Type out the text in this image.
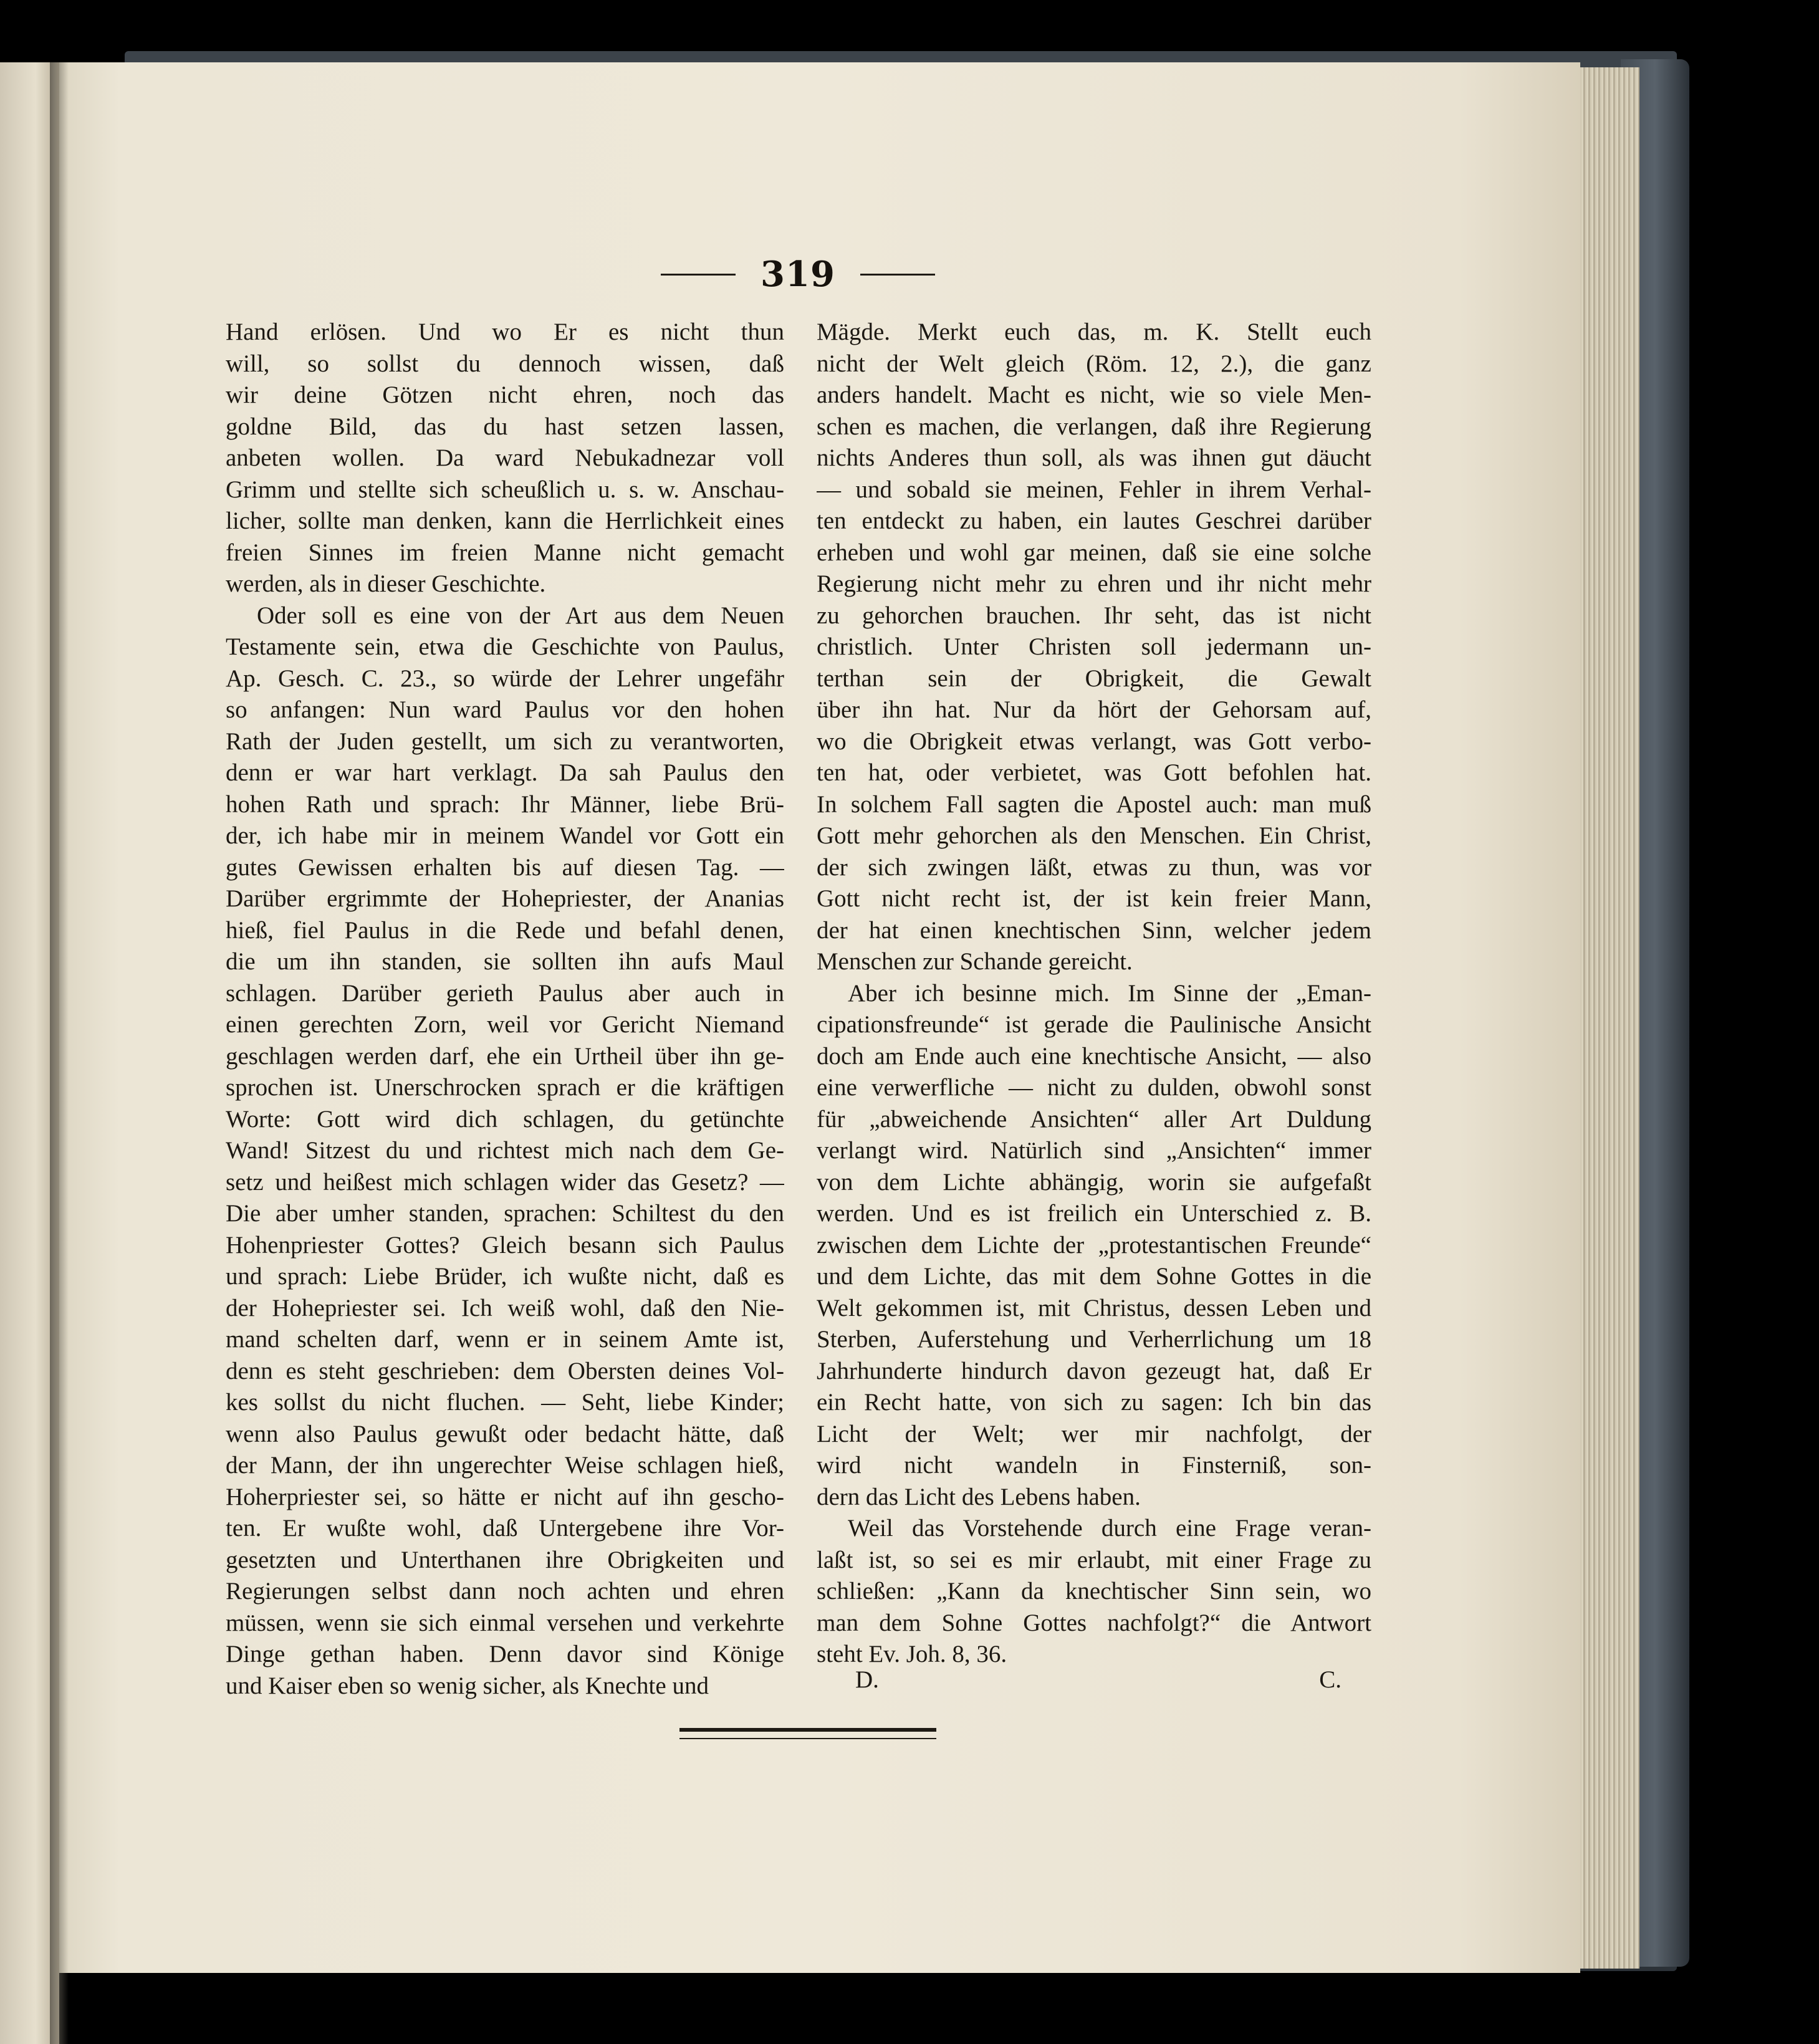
319
Hand erlösen. Und wo Er es nicht thun
will, so sollst du dennoch wissen, daß
wir deine Götzen nicht ehren, noch das
goldne Bild, das du hast setzen lassen,
anbeten wollen. Da ward Nebukadnezar voll
Grimm und stellte sich scheußlich u. s. w. Anschau-
licher, sollte man denken, kann die Herrlichkeit eines
freien Sinnes im freien Manne nicht gemacht
werden, als in dieser Geschichte.
Oder soll es eine von der Art aus dem Neuen
Testamente sein, etwa die Geschichte von Paulus,
Ap. Gesch. C. 23., so würde der Lehrer ungefähr
so anfangen: Nun ward Paulus vor den hohen
Rath der Juden gestellt, um sich zu verantworten,
denn er war hart verklagt. Da sah Paulus den
hohen Rath und sprach: Ihr Männer, liebe Brü-
der, ich habe mir in meinem Wandel vor Gott ein
gutes Gewissen erhalten bis auf diesen Tag. —
Darüber ergrimmte der Hohepriester, der Ananias
hieß, fiel Paulus in die Rede und befahl denen,
die um ihn standen, sie sollten ihn aufs Maul
schlagen. Darüber gerieth Paulus aber auch in
einen gerechten Zorn, weil vor Gericht Niemand
geschlagen werden darf, ehe ein Urtheil über ihn ge-
sprochen ist. Unerschrocken sprach er die kräftigen
Worte: Gott wird dich schlagen, du getünchte
Wand! Sitzest du und richtest mich nach dem Ge-
setz und heißest mich schlagen wider das Gesetz? —
Die aber umher standen, sprachen: Schiltest du den
Hohenpriester Gottes? Gleich besann sich Paulus
und sprach: Liebe Brüder, ich wußte nicht, daß es
der Hohepriester sei. Ich weiß wohl, daß den Nie-
mand schelten darf, wenn er in seinem Amte ist,
denn es steht geschrieben: dem Obersten deines Vol-
kes sollst du nicht fluchen. — Seht, liebe Kinder;
wenn also Paulus gewußt oder bedacht hätte, daß
der Mann, der ihn ungerechter Weise schlagen hieß,
Hoherpriester sei, so hätte er nicht auf ihn gescho-
ten. Er wußte wohl, daß Untergebene ihre Vor-
gesetzten und Unterthanen ihre Obrigkeiten und
Regierungen selbst dann noch achten und ehren
müssen, wenn sie sich einmal versehen und verkehrte
Dinge gethan haben. Denn davor sind Könige
und Kaiser eben so wenig sicher, als Knechte und
Mägde. Merkt euch das, m. K. Stellt euch
nicht der Welt gleich (Röm. 12, 2.), die ganz
anders handelt. Macht es nicht, wie so viele Men-
schen es machen, die verlangen, daß ihre Regierung
nichts Anderes thun soll, als was ihnen gut däucht
— und sobald sie meinen, Fehler in ihrem Verhal-
ten entdeckt zu haben, ein lautes Geschrei darüber
erheben und wohl gar meinen, daß sie eine solche
Regierung nicht mehr zu ehren und ihr nicht mehr
zu gehorchen brauchen. Ihr seht, das ist nicht
christlich. Unter Christen soll jedermann un-
terthan sein der Obrigkeit, die Gewalt
über ihn hat. Nur da hört der Gehorsam auf,
wo die Obrigkeit etwas verlangt, was Gott verbo-
ten hat, oder verbietet, was Gott befohlen hat.
In solchem Fall sagten die Apostel auch: man muß
Gott mehr gehorchen als den Menschen. Ein Christ,
der sich zwingen läßt, etwas zu thun, was vor
Gott nicht recht ist, der ist kein freier Mann,
der hat einen knechtischen Sinn, welcher jedem
Menschen zur Schande gereicht.
Aber ich besinne mich. Im Sinne der „Eman-
cipationsfreunde“ ist gerade die Paulinische Ansicht
doch am Ende auch eine knechtische Ansicht, — also
eine verwerfliche — nicht zu dulden, obwohl sonst
für „abweichende Ansichten“ aller Art Duldung
verlangt wird. Natürlich sind „Ansichten“ immer
von dem Lichte abhängig, worin sie aufgefaßt
werden. Und es ist freilich ein Unterschied z. B.
zwischen dem Lichte der „protestantischen Freunde“
und dem Lichte, das mit dem Sohne Gottes in die
Welt gekommen ist, mit Christus, dessen Leben und
Sterben, Auferstehung und Verherrlichung um 18
Jahrhunderte hindurch davon gezeugt hat, daß Er
ein Recht hatte, von sich zu sagen: Ich bin das
Licht der Welt; wer mir nachfolgt, der
wird nicht wandeln in Finsterniß, son-
dern das Licht des Lebens haben.
Weil das Vorstehende durch eine Frage veran-
laßt ist, so sei es mir erlaubt, mit einer Frage zu
schließen: „Kann da knechtischer Sinn sein, wo
man dem Sohne Gottes nachfolgt?“ die Antwort
steht Ev. Joh. 8, 36.
D.	C.
